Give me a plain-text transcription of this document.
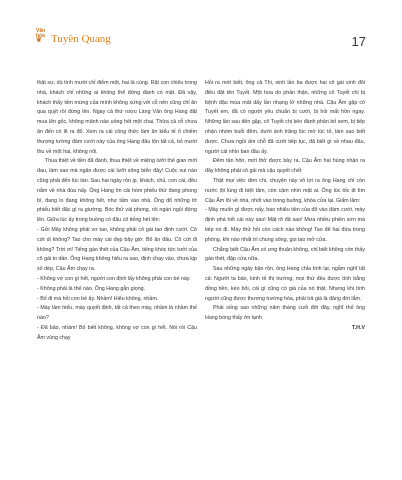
Văn hóa
❦ Tuyên Quang	17

thật sự, dù tình mười chỉ điểm một, hai là cùng. Rặt con chiêu trong nhà, khách chỉ những ai không thể đứng đành có mặt. Đã vậy, khách thấy tiền mừng của mình không xứng với cỗ nên cũng chỉ ăn qua quýt rồi đứng lên. Ngay cả thứ rượu Làng Vân ông Hang đặt mua lên gốc, không mảnh nào uống hết một chai. Thừa cả cỗ chưa ăn đến có lẽ ra đổ. Xem ra cái công thức làm ăn kiểu tế ổ chiếm thượng tường đám cưới này của ông Hang đâu lộn tất cả, bỏ mười thu về một hai, không nổi.

Thua thiệt về tiền đã đành, thua thiệt về miệng lưỡi thế gian mới đau, làm sao mà ngăn được cái lưỡi sông biển đây! Cuộc vui nào cũng phải đến lúc tàn. Sau hai ngày rộn ịp, khách, chủ, con cái, đều nằm về nhà đùa nấy. Ông Hang ôn cái hòm phiếu thứ đang phong bì, đang lo đang không hết, như tấm vào nhà. Ông đổ những tờ phiếu biết đặc gì ra giường. Bóc thử vài phong, rồi ngán ngủi đứng lên. Giữa lúc ấy trong buồng có đâu cô tiếng hét lên:

- Gửi Mây không phải vơ tao, không phải cô gái tao định cưới. Cô cứt di không? Tao cho mày cái đẹp bây giờ. Bố ăn đâu. Cô cứt đi không? Trời ơi! Tiếng gào thét của Cậu Ấm, tiếng khóc tức tưởi của cô gái to dần. Ông Hang không hiểu ra sao, định chạy vào, chưa kịp xỏ dép, Cậu Ấm chạy ra.

- Không vợ con gì hết, người con định lấy không phải con bé này.

- Không phải là thế nào. Ông Hang gắn giọng.

- Bố đi mà hỏi con bé ấy. Nhầm! Hiểu không, nhầm.

- Mày làm hiểu, mày quyết định, tất cả theo mày, nhầm là nhầm thế nào?

- Đã bảo, nhầm! Bố biết không, không vợ con gì hết. Nói rồi Cậu Ấm vùng chạy

Hỏi ra mới biết, ông cả Thi, sinh lần ba được hai cô gái sinh đôi điều đặt tên Tuyết. Một hoa do phần thận, những cô Tuyết chị bị bệnh đậu mùa mất dấy lần nhạng lở những nhà. Cậu Ấm gặp cô Tuyết em, đã có người yêu chuẩn bị cưới, bị hỏi mất hồn ngay. Những lần sau đến gặp, cô Tuyết chị kéo đành phần bố xem, bị tiếp nhận nhóm buổi đêm, dưới ánh trăng lúc mờ lúc tỏ, làm sao biết được. Chưa ngồi ấm chỗ đã cưới tiếp tục, đã biết gì về nhau đâu, người cái nhìn ban đầu ấy.

Đêm tân hôn, mới thở được bày ra. Cậu Ấm hai hùng nhận ra đây không phải cô gái mà cậu quyết chết

Thật mọi việc đơn chi, chuyện này vô lợi ra ông Hang chỉ còn nước lội lùng đi biệt tăm, còn cậm nhìn mặt ai. Ông lúc tốc đi tìm Cậu Ấm lôi về nhà, nhốt vào trong buồng, khóa cửa lại. Giấm lâm:

- Mày muốn gì được nấy, bao nhiêu tiền của đổ vào đám cưới, mày định phá hết cái này sao! Mặt rõ đã sao! Mưa nhiều phiền sơn mà tiếp nó đi. Mày thử hỏi còn cách nào không! Tao để hai đứa trong phòng, khi nào nhất trí chung sống, gọi tao mở cửa.

Chẳng biết Cậu Ấm có ưng thuận không, chỉ biết không còn thấy gào thét, đập cửa nữa.

Sau những ngày bận rộn, ông Hang chỉa tính lại, ngẫm nghĩ tất cả: Người ta bảo, kinh tế thị trường, mọi thứ đều được tính bằng đồng tiền, kéo bỏi, cái gì cũng có giá của nó thật. Nhưng khi tính người cũng được thương trường hóa, phải trả giá là đảng đời lắm.

Phải sống sao những năm tháng cuối đời đây, nghĩ thế ông Hang bóng thấy ớn lạnh

T.H.V
